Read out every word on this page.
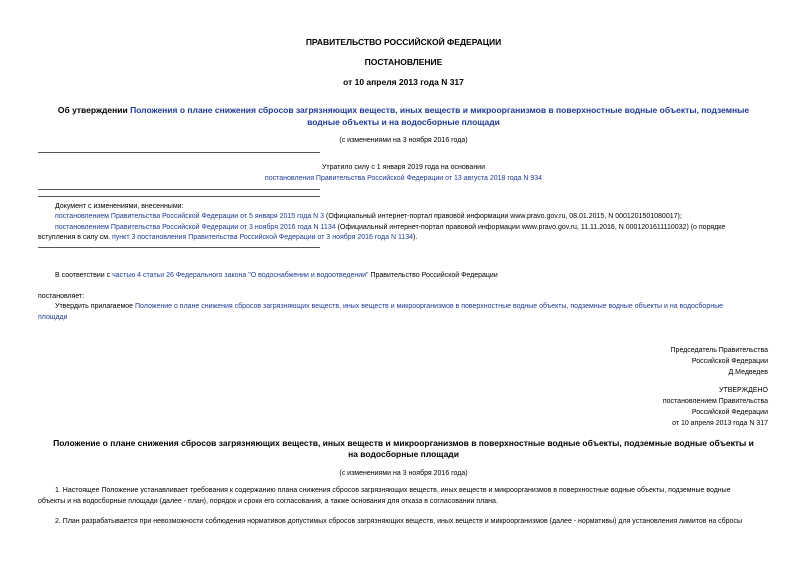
ПРАВИТЕЛЬСТВО РОССИЙСКОЙ ФЕДЕРАЦИИ
ПОСТАНОВЛЕНИЕ
от 10 апреля 2013 года N 317
Об утверждении Положения о плане снижения сбросов загрязняющих веществ, иных веществ и микроорганизмов в поверхностные водные объекты, подземные
водные объекты и на водосборные площади
(с изменениями на 3 ноября 2016 года)
Утратило силу с 1 января 2019 года на основании
постановления Правительства Российской Федерации от 13 августа 2018 года N 934
Документ с изменениями, внесенными:
постановлением Правительства Российской Федерации от 5 января 2015 года N 3 (Официальный интернет-портал правовой информации www.pravo.gov.ru, 08.01.2015, N 0001201501080017);
постановлением Правительства Российской Федерации от 3 ноября 2016 года N 1134 (Официальный интернет-портал правовой информации www.pravo.gov.ru, 11.11.2016, N 0001201611110032) (о порядке
вступления в силу см. пункт 3 постановления Правительства Российской Федерации от 3 ноября 2016 года N 1134).
В соответствии с частью 4 статьи 26 Федерального закона "О водоснабжении и водоотведении" Правительство Российской Федерации
постановляет:
Утвердить прилагаемое Положение о плане снижения сбросов загрязняющих веществ, иных веществ и микроорганизмов в поверхностные водные объекты, подземные водные объекты и на водосборные
площади
Председатель Правительства
Российской Федерации
Д.Медведев
УТВЕРЖДЕНО
постановлением Правительства
Российской Федерации
от 10 апреля 2013 года N 317
Положение о плане снижения сбросов загрязняющих веществ, иных веществ и микроорганизмов в поверхностные водные объекты, подземные водные объекты и
на водосборные площади
(с изменениями на 3 ноября 2016 года)
1. Настоящее Положение устанавливает требования к содержанию плана снижения сбросов загрязняющих веществ, иных веществ и микроорганизмов в поверхностные водные объекты, подземные водные
объекты и на водосборные площади (далее - план), порядок и сроки его согласования, а также основания для отказа в согласовании плана.
2. План разрабатывается при невозможности соблюдения нормативов допустимых сбросов загрязняющих веществ, иных веществ и микроорганизмов (далее - нормативы) для установления лимитов на сбросы
